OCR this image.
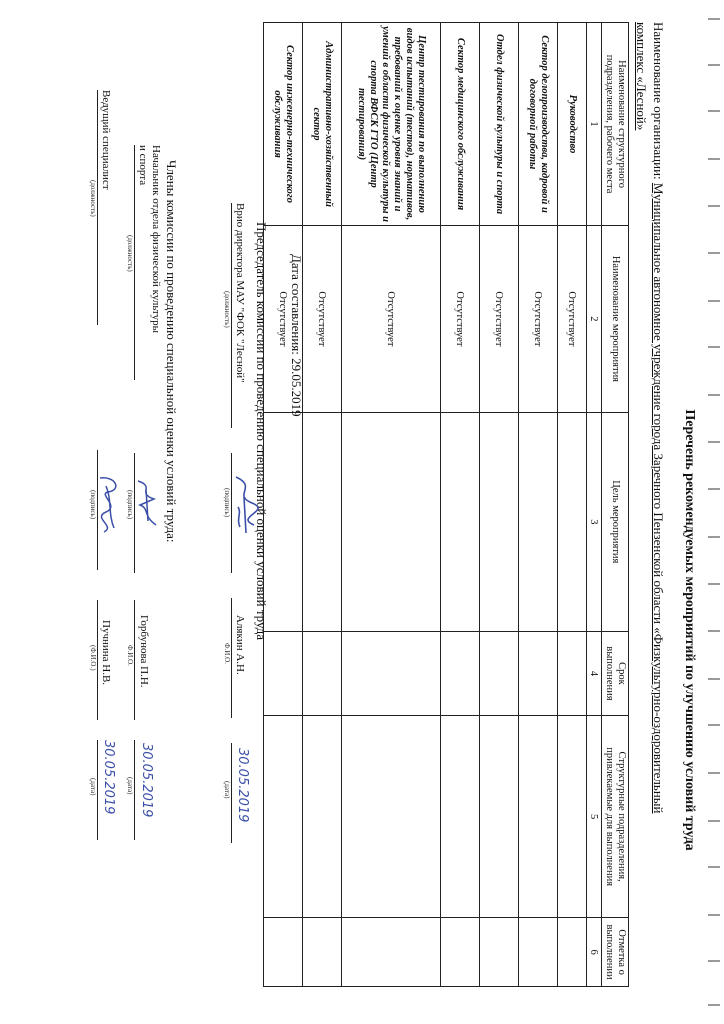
Перечень рекомендуемых мероприятий по улучшению условий труда
Наименование организации: Муниципальное автономное учреждение города Заречного Пензенской области «Физкультурно-оздоровительный
комплекс «Лесной»
Наименование структурного подразделения, рабочего места	Наименование мероприятия	Цель мероприятия	Срок выполнения	Структурные подразделения, привлекаемые для выполнения	Отметка о выполнении
1	2	3	4	5	6
Руководство	Отсутствует				
Сектор делопроизводства, кадровой и договорной работы	Отсутствует				
Отдел физической культуры и спорта	Отсутствует				
Сектор медицинского обслуживания	Отсутствует				
Центр тестирования по выполнению видов испытаний (тестов), нормативов, требований к оценке уровня знаний и умений в области физической культуры и спорта ВФСК ГТО (Центр тестирования)	Отсутствует				
Административно-хозяйственный сектор	Отсутствует				
Сектор инженерно-технического обслуживания	Отсутствует				Дата составления: 29.05.2019
Председатель комиссии по проведению специальной оценки условий труда
Врио директора МАУ "ФОК "Лесной"
(должность)
(подпись)
Алякин А.Н.
Ф.И.О.
30.05.2019
(дата)
Члены комиссии по проведению специальной оценки условий труда:
Начальник отдела физической культуры
и спорта
(должность)
(подпись)
Горбунова П.Н.
Ф.И.О.
30.05.2019
(дата)
Ведущий специалист
(должность)
(подпись)
Пучнина Н.В.
(Ф.И.О.)
30.05.2019
(дата)
